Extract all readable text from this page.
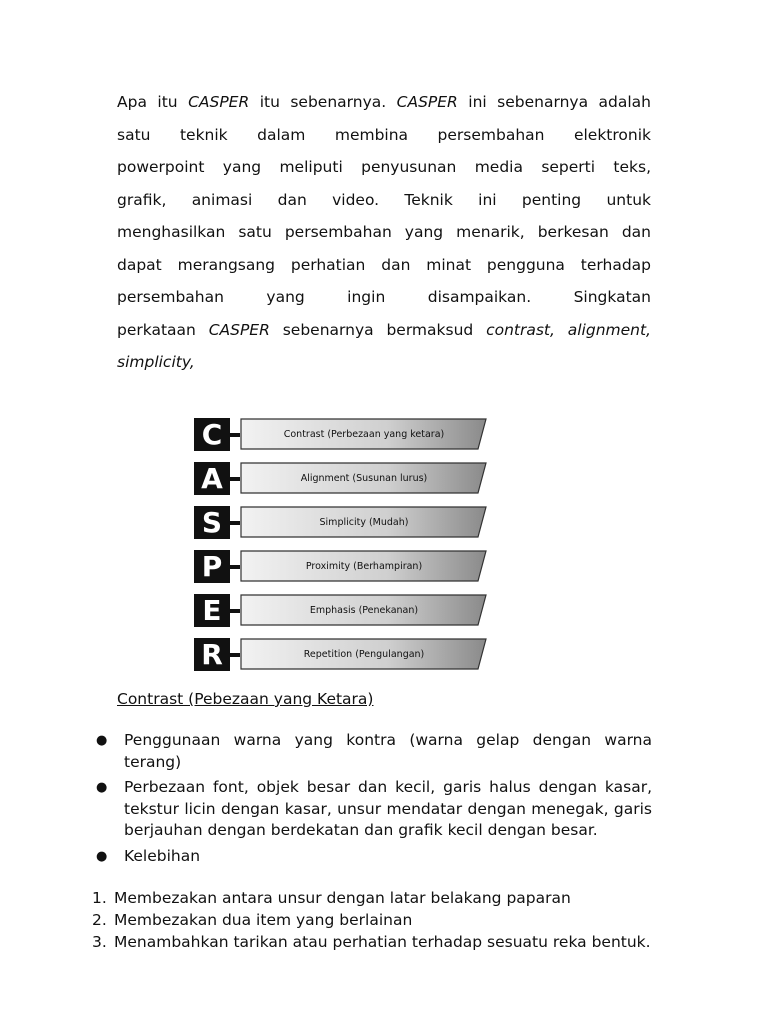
Apa itu CASPER itu sebenarnya. CASPER ini sebenarnya adalah
satu teknik dalam membina persembahan elektronik
powerpoint yang meliputi penyusunan media seperti teks,
grafik, animasi dan video. Teknik ini penting untuk
menghasilkan satu persembahan yang menarik, berkesan dan
dapat merangsang perhatian dan minat pengguna terhadap
persembahan yang ingin disampaikan. Singkatan
perkataan CASPER sebenarnya bermaksud contrast, alignment,
simplicity,

C	Contrast (Perbezaan yang ketara)
A	Alignment (Susunan lurus)
S	Simplicity (Mudah)
P	Proximity (Berhampiran)
E	Emphasis (Penekanan)
R	Repetition (Pengulangan)

Contrast (Pebezaan yang Ketara)

● Penggunaan warna yang kontra (warna gelap dengan warna terang)
● Perbezaan font, objek besar dan kecil, garis halus dengan kasar, tekstur licin dengan kasar, unsur mendatar dengan menegak, garis berjauhan dengan berdekatan dan grafik kecil dengan besar.
● Kelebihan
1. Membezakan antara unsur dengan latar belakang paparan
2. Membezakan dua item yang berlainan
3. Menambahkan tarikan atau perhatian terhadap sesuatu reka bentuk.
